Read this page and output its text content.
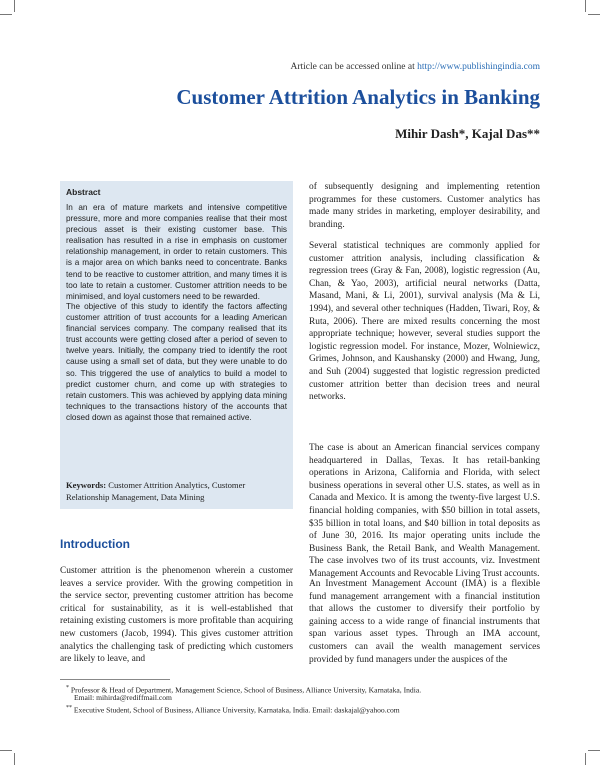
Article can be accessed online at http://www.publishingindia.com
Customer Attrition Analytics in Banking
Mihir Dash*, Kajal Das**
Abstract

In an era of mature markets and intensive competitive pressure, more and more companies realise that their most precious asset is their existing customer base. This realisation has resulted in a rise in emphasis on customer relationship management, in order to retain customers. This is a major area on which banks need to concentrate. Banks tend to be reactive to customer attrition, and many times it is too late to retain a customer. Customer attrition needs to be minimised, and loyal customers need to be rewarded.

The objective of this study to identify the factors affecting customer attrition of trust accounts for a leading American financial services company. The company realised that its trust accounts were getting closed after a period of seven to twelve years. Initially, the company tried to identify the root cause using a small set of data, but they were unable to do so. This triggered the use of analytics to build a model to predict customer churn, and come up with strategies to retain customers. This was achieved by applying data mining techniques to the transactions history of the accounts that closed down as against those that remained active.

Keywords: Customer Attrition Analytics, Customer Relationship Management, Data Mining

Introduction

Customer attrition is the phenomenon wherein a customer leaves a service provider. With the growing competition in the service sector, preventing customer attrition has become critical for sustainability, as it is well-established that retaining existing customers is more profitable than acquiring new customers (Jacob, 1994). This gives customer attrition analytics the challenging task of predicting which customers are likely to leave, and

of subsequently designing and implementing retention programmes for these customers. Customer analytics has made many strides in marketing, employer desirability, and branding.

Several statistical techniques are commonly applied for customer attrition analysis, including classification & regression trees (Gray & Fan, 2008), logistic regression (Au, Chan, & Yao, 2003), artificial neural networks (Datta, Masand, Mani, & Li, 2001), survival analysis (Ma & Li, 1994), and several other techniques (Hadden, Tiwari, Roy, & Ruta, 2006). There are mixed results concerning the most appropriate technique; however, several studies support the logistic regression model. For instance, Mozer, Wolniewicz, Grimes, Johnson, and Kaushansky (2000) and Hwang, Jung, and Suh (2004) suggested that logistic regression predicted customer attrition better than decision trees and neural networks.

The case is about an American financial services company headquartered in Dallas, Texas. It has retail-banking operations in Arizona, California and Florida, with select business operations in several other U.S. states, as well as in Canada and Mexico. It is among the twenty-five largest U.S. financial holding companies, with $50 billion in total assets, $35 billion in total loans, and $40 billion in total deposits as of June 30, 2016. Its major operating units include the Business Bank, the Retail Bank, and Wealth Management. The case involves two of its trust accounts, viz. Investment Management Accounts and Revocable Living Trust accounts.

An Investment Management Account (IMA) is a flexible fund management arrangement with a financial institution that allows the customer to diversify their portfolio by gaining access to a wide range of financial instruments that span various asset types. Through an IMA account, customers can avail the wealth management services provided by fund managers under the auspices of the

* Professor & Head of Department, Management Science, School of Business, Alliance University, Karnataka, India.
Email: mihirda@rediffmail.com
** Executive Student, School of Business, Alliance University, Karnataka, India. Email: daskajal@yahoo.com
